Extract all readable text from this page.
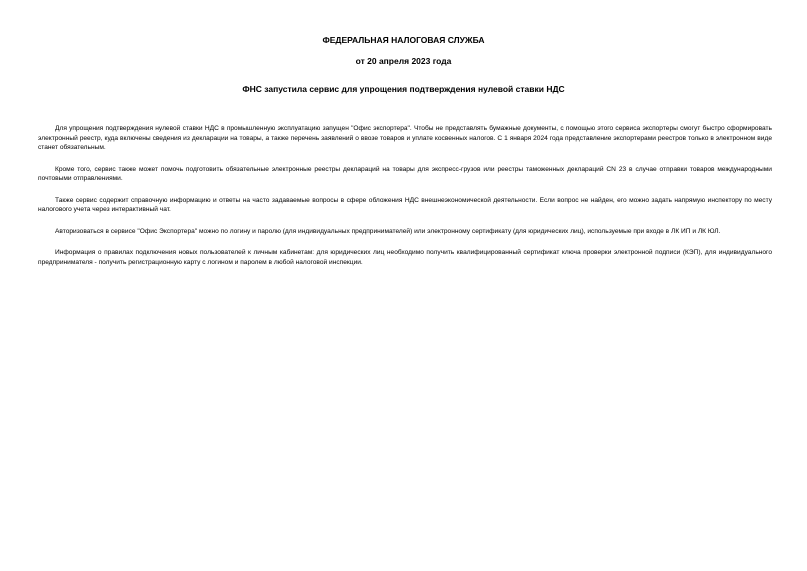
ФЕДЕРАЛЬНАЯ НАЛОГОВАЯ СЛУЖБА

от 20 апреля 2023 года

ФНС запустила сервис для упрощения подтверждения нулевой ставки НДС

Для упрощения подтверждения нулевой ставки НДС в промышленную эксплуатацию запущен "Офис экспортера". Чтобы не представлять бумажные документы, с помощью этого сервиса экспортеры смогут быстро сформировать электронный реестр, куда включены сведения из декларации на товары, а также перечень заявлений о ввозе товаров и уплате косвенных налогов. С 1 января 2024 года представление экспортерами реестров только в электронном виде станет обязательным.

Кроме того, сервис также может помочь подготовить обязательные электронные реестры деклараций на товары для экспресс-грузов или реестры таможенных деклараций CN 23 в случае отправки товаров международными почтовыми отправлениями.

Также сервис содержит справочную информацию и ответы на часто задаваемые вопросы в сфере обложения НДС внешнеэкономической деятельности. Если вопрос не найден, его можно задать напрямую инспектору по месту налогового учета через интерактивный чат.

Авторизоваться в сервисе "Офис Экспортера" можно по логину и паролю (для индивидуальных предпринимателей) или электронному сертификату (для юридических лиц), используемые при входе в ЛК ИП и ЛК ЮЛ.

Информация о правилах подключения новых пользователей к личным кабинетам: для юридических лиц необходимо получить квалифицированный сертификат ключа проверки электронной подписи (КЭП), для индивидуального предпринимателя - получить регистрационную карту с логином и паролем в любой налоговой инспекции.
